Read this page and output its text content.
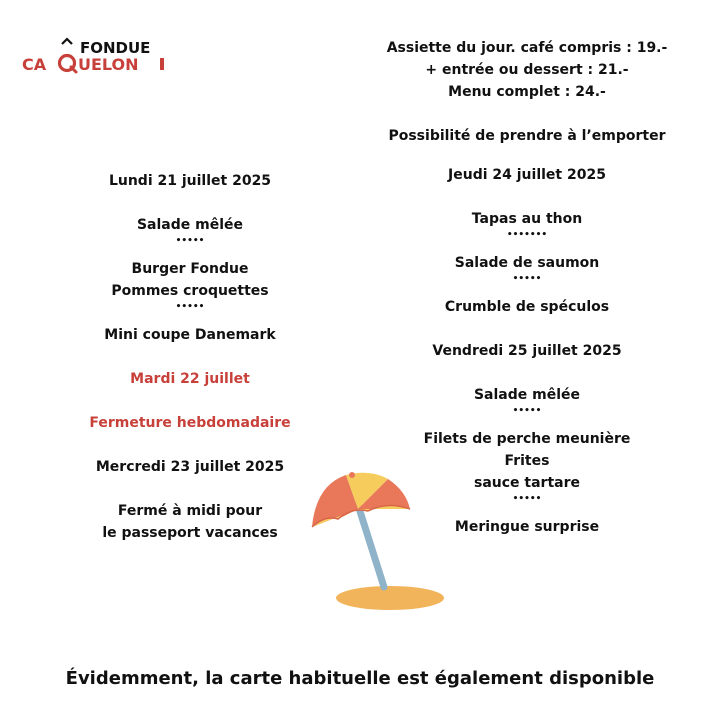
FONDUE
CA UELON
Assiette du jour. café compris : 19.-
+ entrée ou dessert : 21.-
Menu complet : 24.-
Possibilité de prendre à l’emporter
Lundi 21 juillet 2025
Salade mêlée
•••••
Burger Fondue
Pommes croquettes
•••••
Mini coupe Danemark
Mardi 22 juillet
Fermeture hebdomadaire
Mercredi 23 juillet 2025
Fermé à midi pour
le passeport vacances
Jeudi 24 juillet 2025
Tapas au thon
•••••••
Salade de saumon
•••••
Crumble de spéculos
Vendredi 25 juillet 2025
Salade mêlée
•••••
Filets de perche meunière
Frites
sauce tartare
•••••
Meringue surprise
Évidemment, la carte habituelle est également disponible
